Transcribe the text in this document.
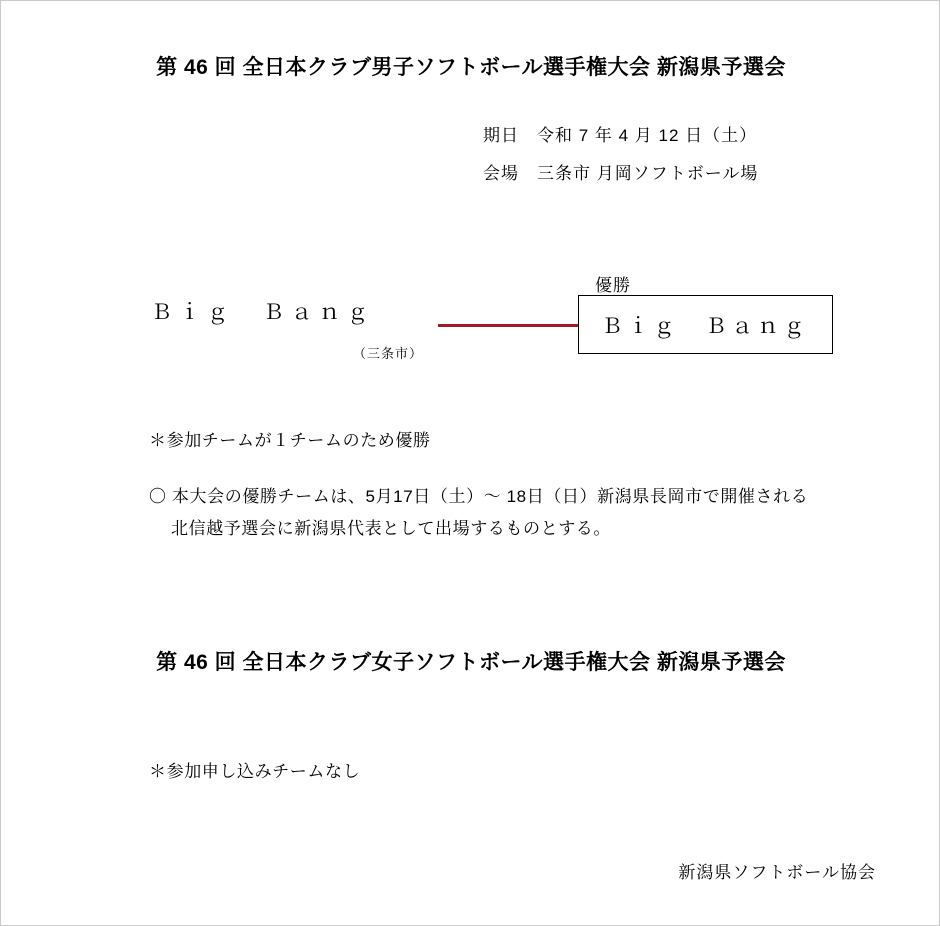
第 46 回 全日本クラブ男子ソフトボール選手権大会 新潟県予選会
期日　令和 7 年 4 月 12 日（土）
会場　三条市 月岡ソフトボール場
Ｂｉｇ　Ｂａｎｇ
（三条市）
優勝
Ｂｉｇ　Ｂａｎｇ
＊参加チームが１チームのため優勝
〇 本大会の優勝チームは、5月17日（土）～ 18日（日）新潟県長岡市で開催される
北信越予選会に新潟県代表として出場するものとする。
第 46 回 全日本クラブ女子ソフトボール選手権大会 新潟県予選会
＊参加申し込みチームなし
新潟県ソフトボール協会
